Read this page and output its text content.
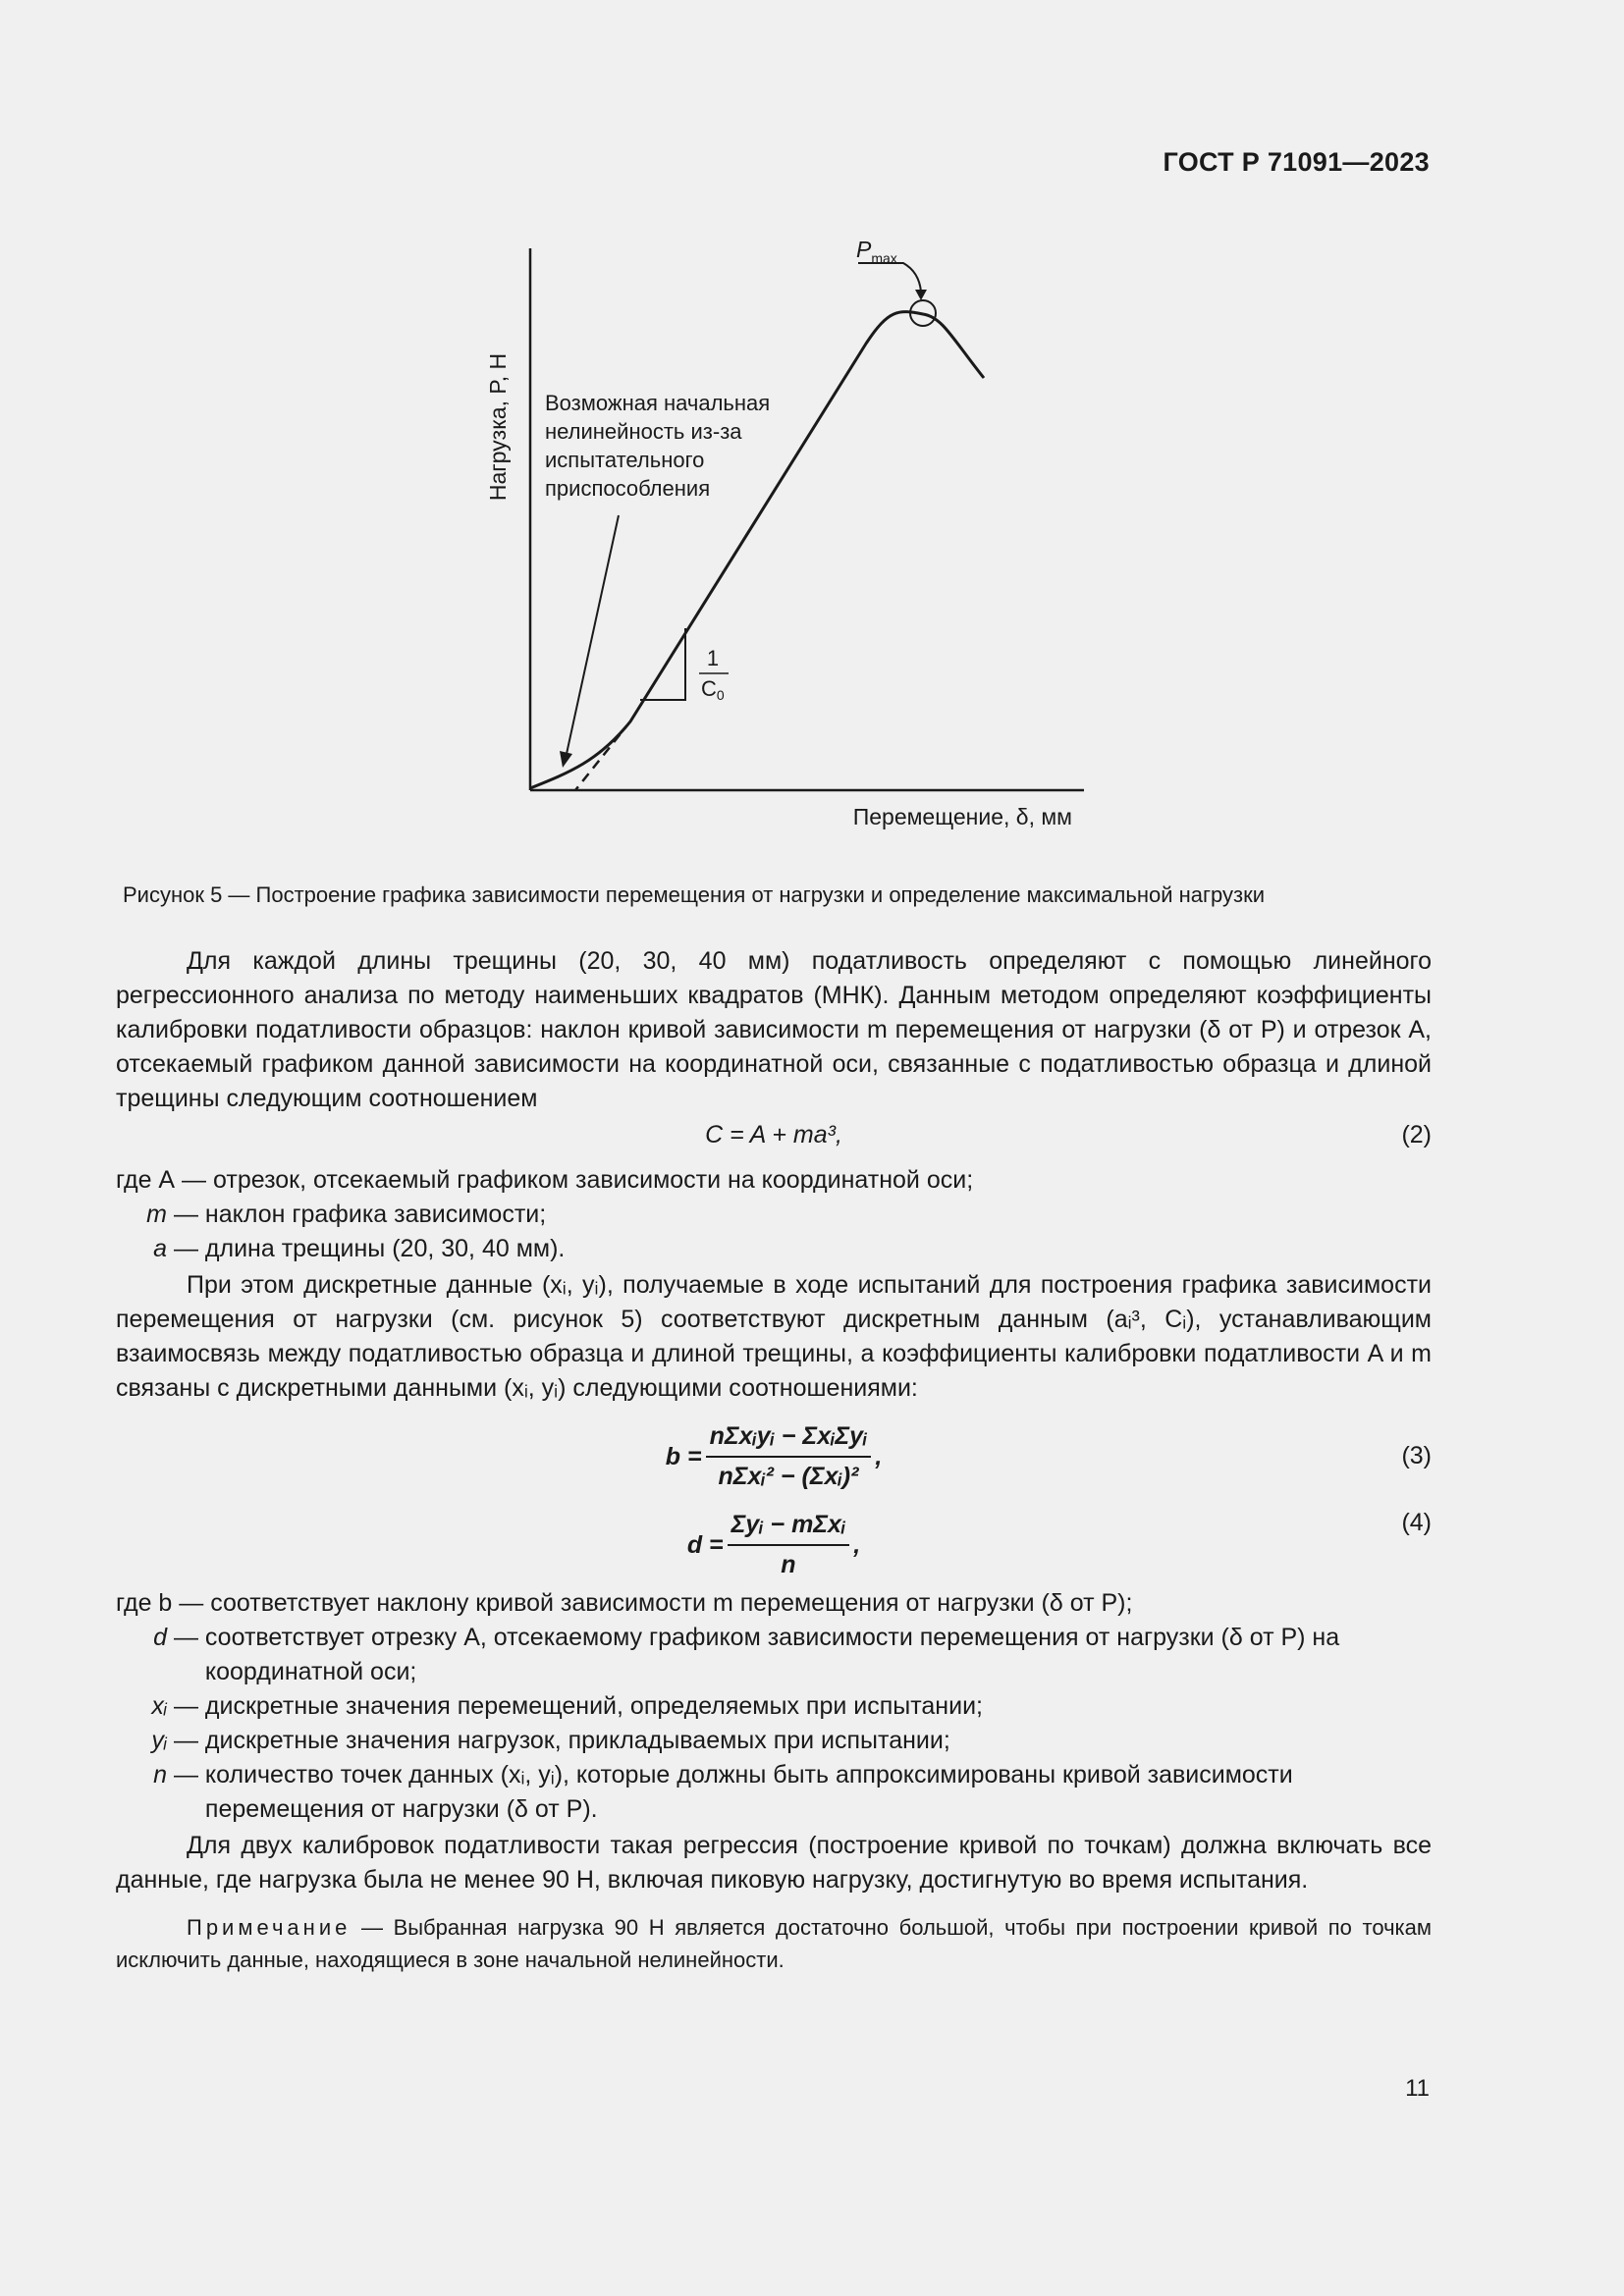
ГОСТ Р 71091—2023
Нагрузка, P, Н
Перемещение, δ, мм
1
C0
$P_{max}$
Возможная начальная
нелинейность из-за
испытательного
приспособления
Рисунок 5 — Построение графика зависимости перемещения от нагрузки и определение максимальной нагрузки

Для каждой длины трещины (20, 30, 40 мм) податливость определяют с помощью линейного регрессионного анализа по методу наименьших квадратов (МНК). Данным методом определяют коэффициенты калибровки податливости образцов: наклон кривой зависимости m перемещения от нагрузки (δ от P) и отрезок A, отсекаемый графиком данной зависимости на координатной оси, связанные с податливостью образца и длиной трещины следующим соотношением

C = A + ma³,	(2)
где A — отрезок, отсекаемый графиком зависимости на координатной оси;
m — наклон графика зависимости;
a — длина трещины (20, 30, 40 мм).

При этом дискретные данные (xᵢ, yᵢ), получаемые в ходе испытаний для построения графика зависимости перемещения от нагрузки (см. рисунок 5) соответствуют дискретным данным (aᵢ³, Cᵢ), устанавливающим взаимосвязь между податливостью образца и длиной трещины, а коэффициенты калибровки податливости A и m связаны с дискретными данными (xᵢ, yᵢ) следующими соотношениями:

$b = \frac{\text{nΣxᵢyᵢ − ΣxᵢΣyᵢ}}{\text{nΣxᵢ² − (Σxᵢ)²}}$ ,	(3)
$d = \frac{\text{Σyᵢ − mΣxᵢ}}{n}$ ,
(4)
где b — соответствует наклону кривой зависимости m перемещения от нагрузки (δ от P);
d — соответствует отрезку A, отсекаемому графиком зависимости перемещения от нагрузки (δ от P) на координатной оси;
xᵢ — дискретные значения перемещений, определяемых при испытании;
yᵢ — дискретные значения нагрузок, прикладываемых при испытании;
n — количество точек данных (xᵢ, yᵢ), которые должны быть аппроксимированы кривой зависимости перемещения от нагрузки (δ от P).

Для двух калибровок податливости такая регрессия (построение кривой по точкам) должна включать все данные, где нагрузка была не менее 90 Н, включая пиковую нагрузку, достигнутую во время испытания.

Примечание — Выбранная нагрузка 90 Н является достаточно большой, чтобы при построении кривой по точкам исключить данные, находящиеся в зоне начальной нелинейности.

11
